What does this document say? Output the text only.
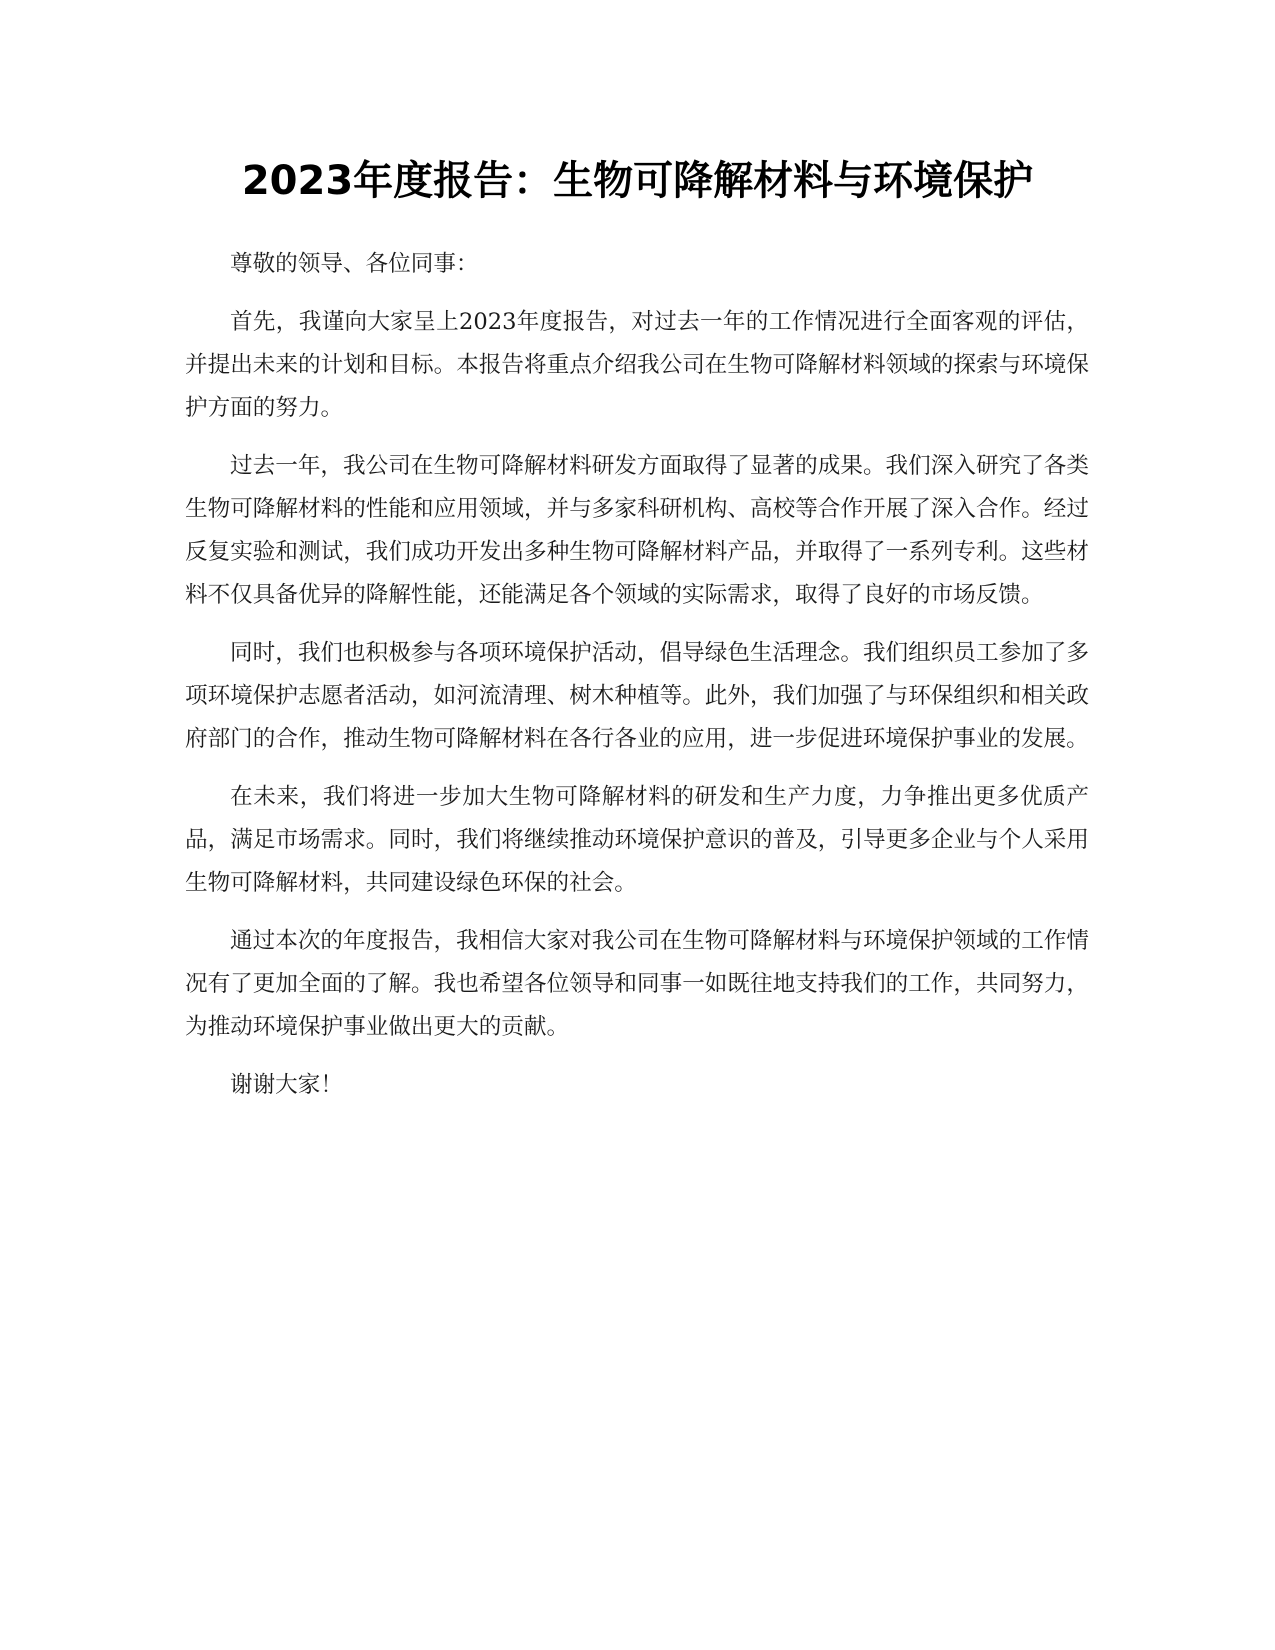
2023年度报告：生物可降解材料与环境保护

尊敬的领导、各位同事：

首先，我谨向大家呈上2023年度报告，对过去一年的工作情况进行全面客观的评估，并提出未来的计划和目标。本报告将重点介绍我公司在生物可降解材料领域的探索与环境保护方面的努力。

过去一年，我公司在生物可降解材料研发方面取得了显著的成果。我们深入研究了各类生物可降解材料的性能和应用领域，并与多家科研机构、高校等合作开展了深入合作。经过反复实验和测试，我们成功开发出多种生物可降解材料产品，并取得了一系列专利。这些材料不仅具备优异的降解性能，还能满足各个领域的实际需求，取得了良好的市场反馈。

同时，我们也积极参与各项环境保护活动，倡导绿色生活理念。我们组织员工参加了多项环境保护志愿者活动，如河流清理、树木种植等。此外，我们加强了与环保组织和相关政府部门的合作，推动生物可降解材料在各行各业的应用，进一步促进环境保护事业的发展。

在未来，我们将进一步加大生物可降解材料的研发和生产力度，力争推出更多优质产品，满足市场需求。同时，我们将继续推动环境保护意识的普及，引导更多企业与个人采用生物可降解材料，共同建设绿色环保的社会。

通过本次的年度报告，我相信大家对我公司在生物可降解材料与环境保护领域的工作情况有了更加全面的了解。我也希望各位领导和同事一如既往地支持我们的工作，共同努力，为推动环境保护事业做出更大的贡献。

谢谢大家！
